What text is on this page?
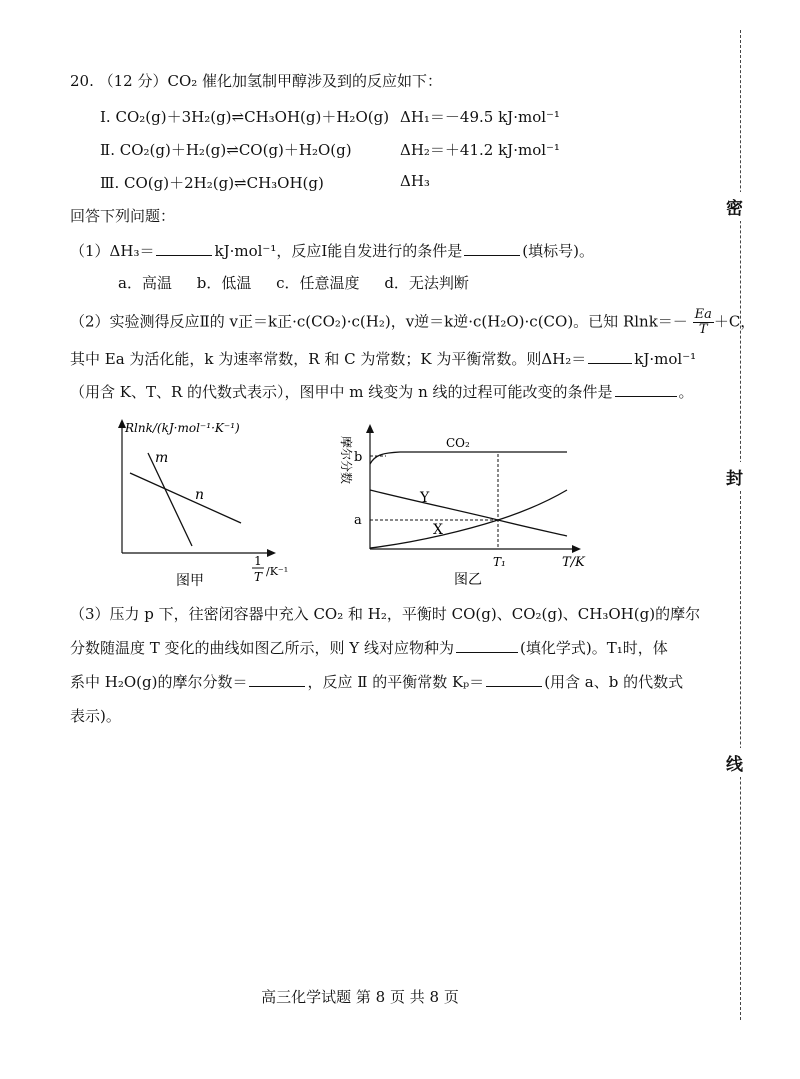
20. （12 分）CO₂ 催化加氢制甲醇涉及到的反应如下：
Ⅰ. CO₂(g)＋3H₂(g)⇌CH₃OH(g)＋H₂O(g) ΔH₁＝－49.5 kJ·mol⁻¹
Ⅱ. CO₂(g)＋H₂(g)⇌CO(g)＋H₂O(g)	ΔH₂＝＋41.2 kJ·mol⁻¹
Ⅲ. CO(g)＋2H₂(g)⇌CH₃OH(g)	ΔH₃
回答下列问题：
（1）ΔH₃＝	kJ·mol⁻¹，反应Ⅰ能自发进行的条件是	(填标号)。
a．高温 b．低温 c．任意温度 d．无法判断
（2）实验测得反应Ⅱ的 v正＝k正·c(CO₂)·c(H₂)，v逆＝k逆·c(H₂O)·c(CO)。已知 $Rlnk=- \frac{Ea}{T} +C$，
其中 Ea 为活化能，k 为速率常数，R 和 C 为常数；K 为平衡常数。则ΔH₂＝	kJ·mol⁻¹
（用含 K、T、R 的代数式表示），图甲中 m 线变为 n 线的过程可能改变的条件是	。
Rlnk/(kJ·mol⁻¹·K⁻¹)
m
n
1
T /K⁻¹
图甲
摩尔分数 b
a
CO₂
Y
X
T₁	T/K
图乙
（3）压力 p 下，往密闭容器中充入 CO₂ 和 H₂，平衡时 CO(g)、CO₂(g)、CH₃OH(g)的摩尔
分数随温度 T 变化的曲线如图乙所示，则 Y 线对应物种为	(填化学式)。T₁时，体
系中 H₂O(g)的摩尔分数＝	，反应 Ⅱ 的平衡常数 Kₚ＝	(用含 a、b 的代数式
表示)。
密
封
线
高三化学试题 第 8 页 共 8 页
